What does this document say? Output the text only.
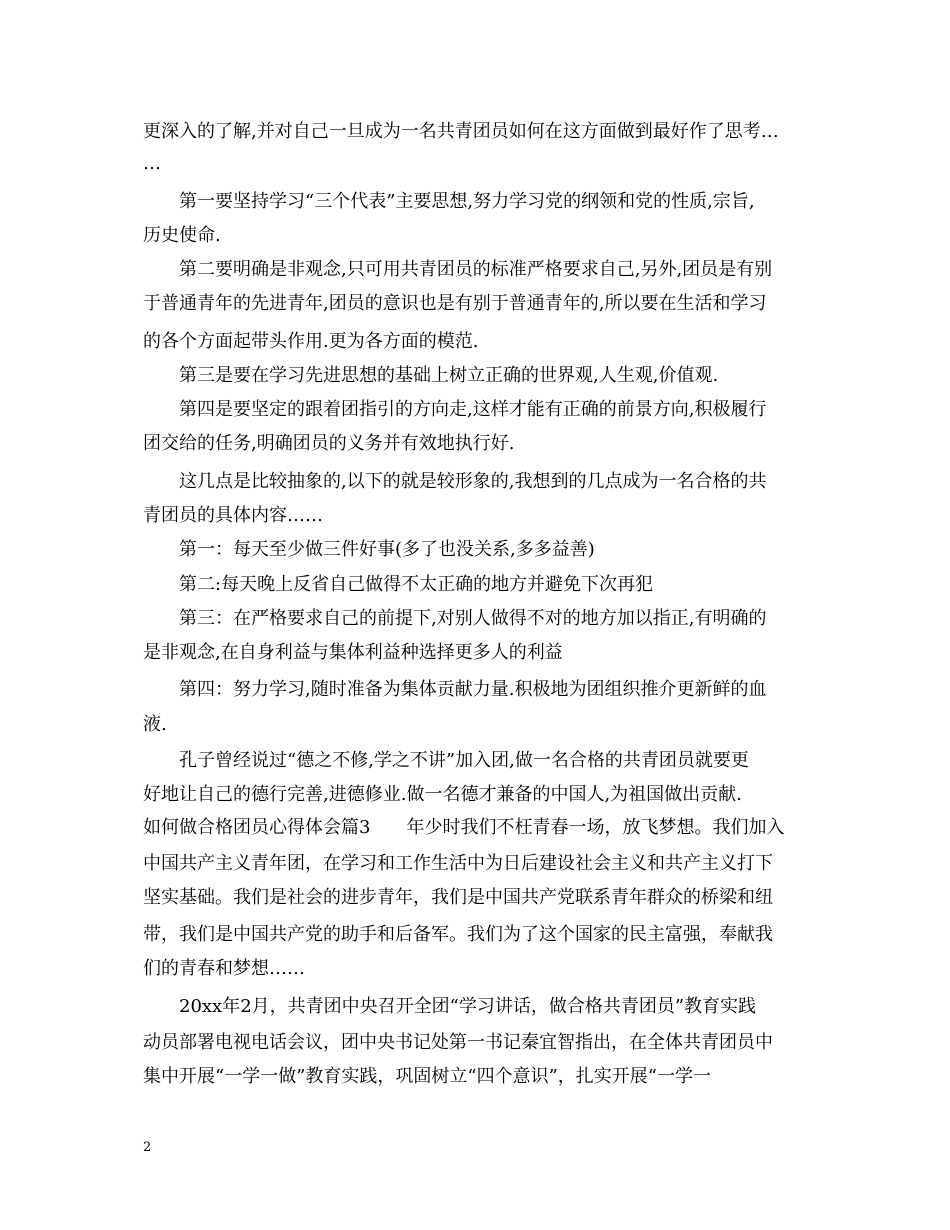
更深入的了解,并对自己一旦成为一名共青团员如何在这方面做到最好作了思考…
…
第一要坚持学习“三个代表”主要思想,努力学习党的纲领和党的性质,宗旨,
历史使命.
第二要明确是非观念,只可用共青团员的标准严格要求自己,另外,团员是有别
于普通青年的先进青年,团员的意识也是有别于普通青年的,所以要在生活和学习
的各个方面起带头作用.更为各方面的模范.
第三是要在学习先进思想的基础上树立正确的世界观,人生观,价值观.
第四是要坚定的跟着团指引的方向走,这样才能有正确的前景方向,积极履行
团交给的任务,明确团员的义务并有效地执行好.
这几点是比较抽象的,以下的就是较形象的,我想到的几点成为一名合格的共
青团员的具体内容……
第一：每天至少做三件好事(多了也没关系,多多益善)
第二:每天晚上反省自己做得不太正确的地方并避免下次再犯
第三：在严格要求自己的前提下,对别人做得不对的地方加以指正,有明确的
是非观念,在自身利益与集体利益种选择更多人的利益
第四：努力学习,随时准备为集体贡献力量.积极地为团组织推介更新鲜的血
液.
孔子曾经说过“德之不修,学之不讲”加入团,做一名合格的共青团员就要更
好地让自己的德行完善,进德修业.做一名德才兼备的中国人,为祖国做出贡献.
如何做合格团员心得体会篇3　　年少时我们不枉青春一场，放飞梦想。我们加入
中国共产主义青年团，在学习和工作生活中为日后建设社会主义和共产主义打下
坚实基础。我们是社会的进步青年，我们是中国共产党联系青年群众的桥梁和纽
带，我们是中国共产党的助手和后备军。我们为了这个国家的民主富强，奉献我
们的青春和梦想……
20xx年2月，共青团中央召开全团“学习讲话，做合格共青团员”教育实践
动员部署电视电话会议，团中央书记处第一书记秦宜智指出，在全体共青团员中
集中开展“一学一做”教育实践，巩固树立“四个意识”，扎实开展“一学一
2
